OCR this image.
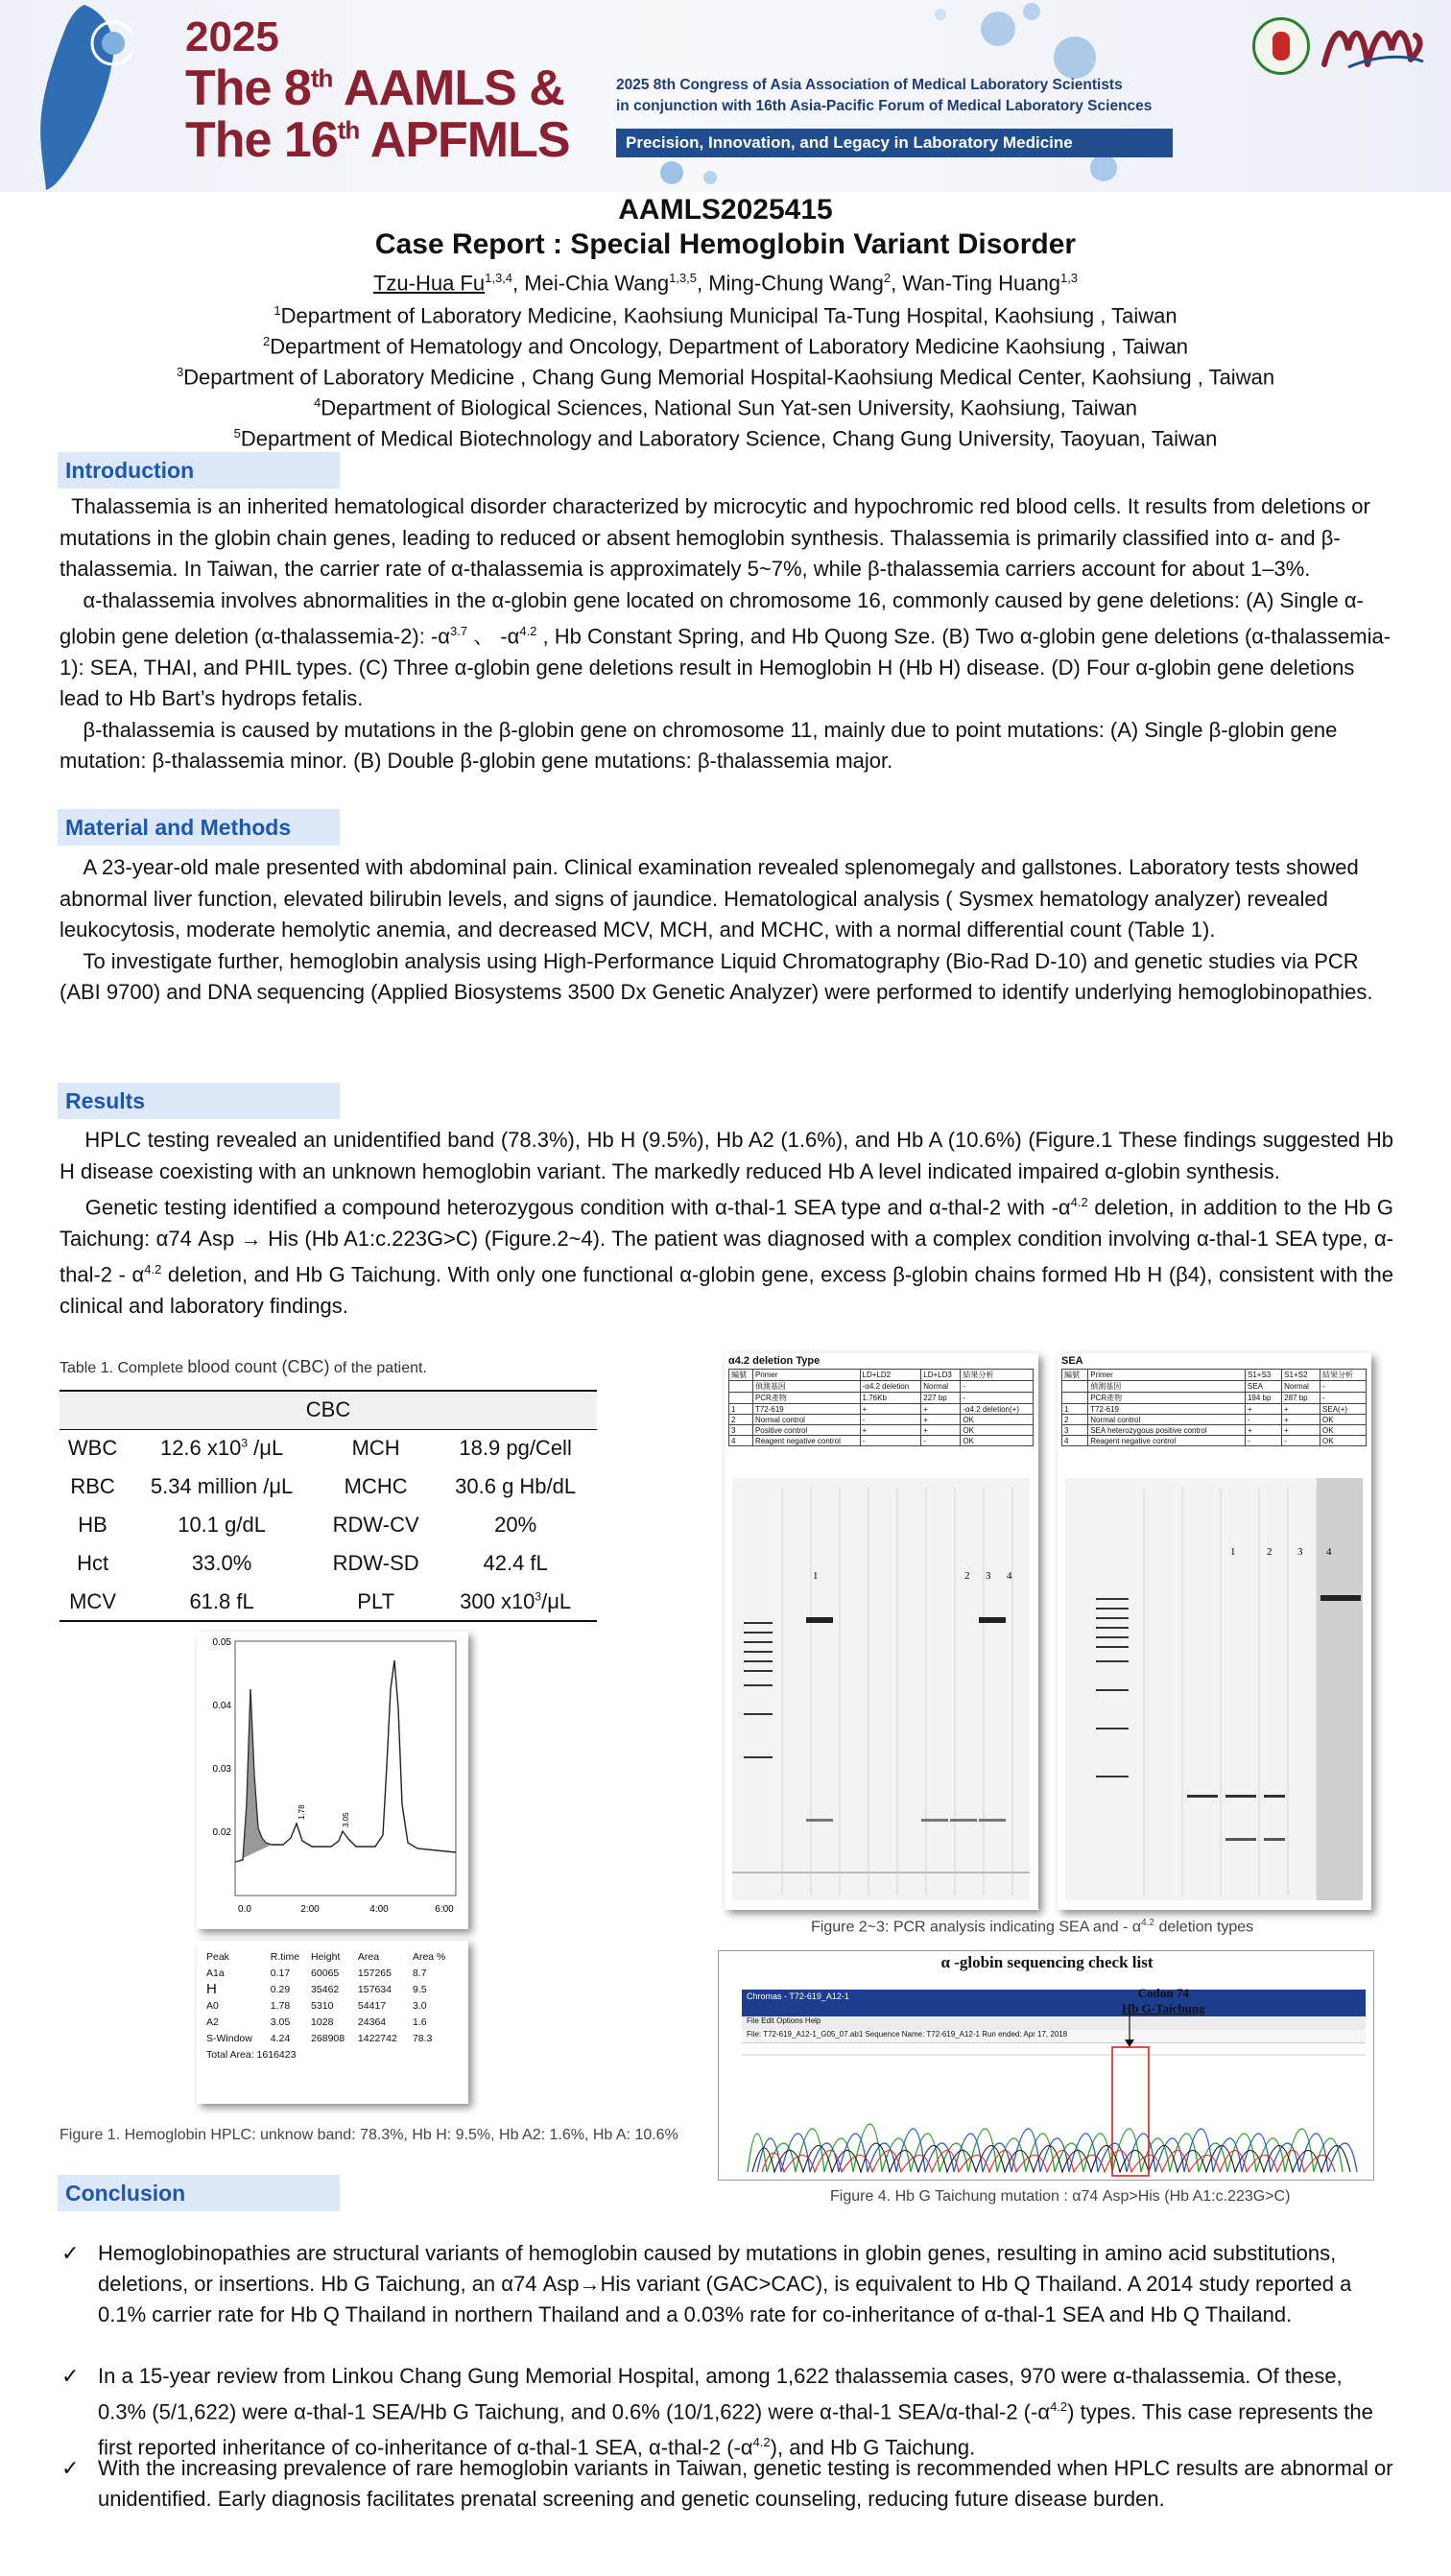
2025
The 8th AAMLS &
The 16th APFMLS
2025 8th Congress of Asia Association of Medical Laboratory Scientists
in conjunction with 16th Asia-Pacific Forum of Medical Laboratory Sciences
Precision, Innovation, and Legacy in Laboratory Medicine
AAMLS2025415
Case Report : Special Hemoglobin Variant Disorder
Tzu-Hua Fu$^{1,3,4}$, Mei-Chia Wang$^{1,3,5}$, Ming-Chung Wang$^2$, Wan-Ting Huang$^{1,3}$
$^1$Department of Laboratory Medicine, Kaohsiung Municipal Ta-Tung Hospital, Kaohsiung , Taiwan
$^2$Department of Hematology and Oncology, Department of Laboratory Medicine Kaohsiung , Taiwan
$^3$Department of Laboratory Medicine , Chang Gung Memorial Hospital-Kaohsiung Medical Center, Kaohsiung , Taiwan
$^4$Department of Biological Sciences, National Sun Yat-sen University, Kaohsiung, Taiwan
$^5$Department of Medical Biotechnology and Laboratory Science, Chang Gung University, Taoyuan, Taiwan
Introduction
Thalassemia is an inherited hematological disorder characterized by microcytic and hypochromic red blood cells. It results from deletions or mutations in the globin chain genes, leading to reduced or absent hemoglobin synthesis. Thalassemia is primarily classified into α- and β-thalassemia. In Taiwan, the carrier rate of α-thalassemia is approximately 5~7%, while β-thalassemia carriers account for about 1–3%.
α-thalassemia involves abnormalities in the α-globin gene located on chromosome 16, commonly caused by gene deletions: (A) Single α-globin gene deletion (α-thalassemia-2): $-\alpha^{3.7}$ 、 $-\alpha^{4.2}$ , Hb Constant Spring, and Hb Quong Sze. (B) Two α-globin gene deletions (α-thalassemia-1): SEA, THAI, and PHIL types. (C) Three α-globin gene deletions result in Hemoglobin H (Hb H) disease. (D) Four α-globin gene deletions lead to Hb Bart’s hydrops fetalis.
β-thalassemia is caused by mutations in the β-globin gene on chromosome 11, mainly due to point mutations: (A) Single β-globin gene mutation: β-thalassemia minor. (B) Double β-globin gene mutations: β-thalassemia major.
Material and Methods
A 23-year-old male presented with abdominal pain. Clinical examination revealed splenomegaly and gallstones. Laboratory tests showed abnormal liver function, elevated bilirubin levels, and signs of jaundice. Hematological analysis ( Sysmex hematology analyzer) revealed leukocytosis, moderate hemolytic anemia, and decreased MCV, MCH, and MCHC, with a normal differential count (Table 1).
To investigate further, hemoglobin analysis using High-Performance Liquid Chromatography (Bio-Rad D-10) and genetic studies via PCR (ABI 9700) and DNA sequencing (Applied Biosystems 3500 Dx Genetic Analyzer) were performed to identify underlying hemoglobinopathies.
Results
HPLC testing revealed an unidentified band (78.3%), Hb H (9.5%), Hb A2 (1.6%), and Hb A (10.6%) (Figure.1 These findings suggested Hb H disease coexisting with an unknown hemoglobin variant. The markedly reduced Hb A level indicated impaired α-globin synthesis.
Genetic testing identified a compound heterozygous condition with α-thal-1 SEA type and α-thal-2 with $-\alpha^{4.2}$ deletion, in addition to the Hb G Taichung: α74 Asp → His (Hb A1:c.223G>C) (Figure.2~4). The patient was diagnosed with a complex condition involving α-thal-1 SEA type, α-thal-2 - $\alpha^{4.2}$ deletion, and Hb G Taichung. With only one functional α-globin gene, excess β-globin chains formed Hb H (β4), consistent with the clinical and laboratory findings.
Table 1. Complete blood count (CBC) of the patient.
CBC			
WBC	12.6 $x10^3$ /μL	MCH	18.9 pg/Cell
RBC	5.34 million /μL	MCHC	30.6 g Hb/dL
HB	10.1 g/dL	RDW-CV	20%
Hct	33.0%	RDW-SD	42.4 fL
MCV	61.8 fL	PLT	300 $x10^3/\mu L$
0.05
0.04
0.03
0.02
0.0	2:00	4:00	6:00
1.78
3.05
Peak	R.time	Height	Area	Area %
A1a	0.17	60065	157265	8.7
H	0.29	35462	157634	9.5
A0	1.78	5310	54417	3.0
A2	3.05	1028	24364	1.6
S-Window	4.24	268908	1422742	78.3
Total Area: 1616423				
Figure 1. Hemoglobin HPLC: unknow band: 78.3%, Hb H: 9.5%, Hb A2: 1.6%, Hb A: 10.6%
α4.2 deletion Type
編號	Primer	LD+LD2	LD+LD3	結果分析
	偵測基因	-α4.2 deletion	Normal	-
	PCR產物	1.76Kb	227 bp	-
1	T72-619	+	+	-α4.2 deletion(+)
2	Normal control	-	+	OK
3	Positive control	+	+	OK
4	Reagent negative control	-	-	OK
1	2 3 4
SEA
編號	Primer	S1+S3	S1+S2	結果分析
	偵測基因	SEA	Normal	-
	PCR產物	194 bp	287 bp	-
1	T72-619	+	+	SEA(+)
2	Normal control	-	+	OK
3	SEA heterozygous positive control	+	+	OK
4	Reagent negative control	-	-	OK
1	2 3 4
Figure 2~3: PCR analysis indicating SEA and - $\alpha^{4.2}$ deletion types
α -globin sequencing check list
Chromas - T72-619_A12-1
File Edit Options Help
File: T72-619_A12-1_G05_07.ab1 Sequence Name: T72-619_A12-1 Run ended: Apr 17, 2018
Codon 74
Hb G-Taichung
Figure 4. Hb G Taichung mutation : α74 Asp>His (Hb A1:c.223G>C)
Conclusion
✓ Hemoglobinopathies are structural variants of hemoglobin caused by mutations in globin genes, resulting in amino acid substitutions, deletions, or insertions. Hb G Taichung, an α74 Asp→His variant (GAC>CAC), is equivalent to Hb Q Thailand. A 2014 study reported a 0.1% carrier rate for Hb Q Thailand in northern Thailand and a 0.03% rate for co-inheritance of α-thal-1 SEA and Hb Q Thailand.
✓ In a 15-year review from Linkou Chang Gung Memorial Hospital, among 1,622 thalassemia cases, 970 were α-thalassemia. Of these, 0.3% (5/1,622) were α-thal-1 SEA/Hb G Taichung, and 0.6% (10/1,622) were α-thal-1 SEA/α-thal-2 $(-\alpha^{4.2})$ types. This case represents the first reported inheritance of co-inheritance of α-thal-1 SEA, α-thal-2 $(-\alpha^{4.2})$, and Hb G Taichung.
✓ With the increasing prevalence of rare hemoglobin variants in Taiwan, genetic testing is recommended when HPLC results are abnormal or unidentified. Early diagnosis facilitates prenatal screening and genetic counseling, reducing future disease burden.
